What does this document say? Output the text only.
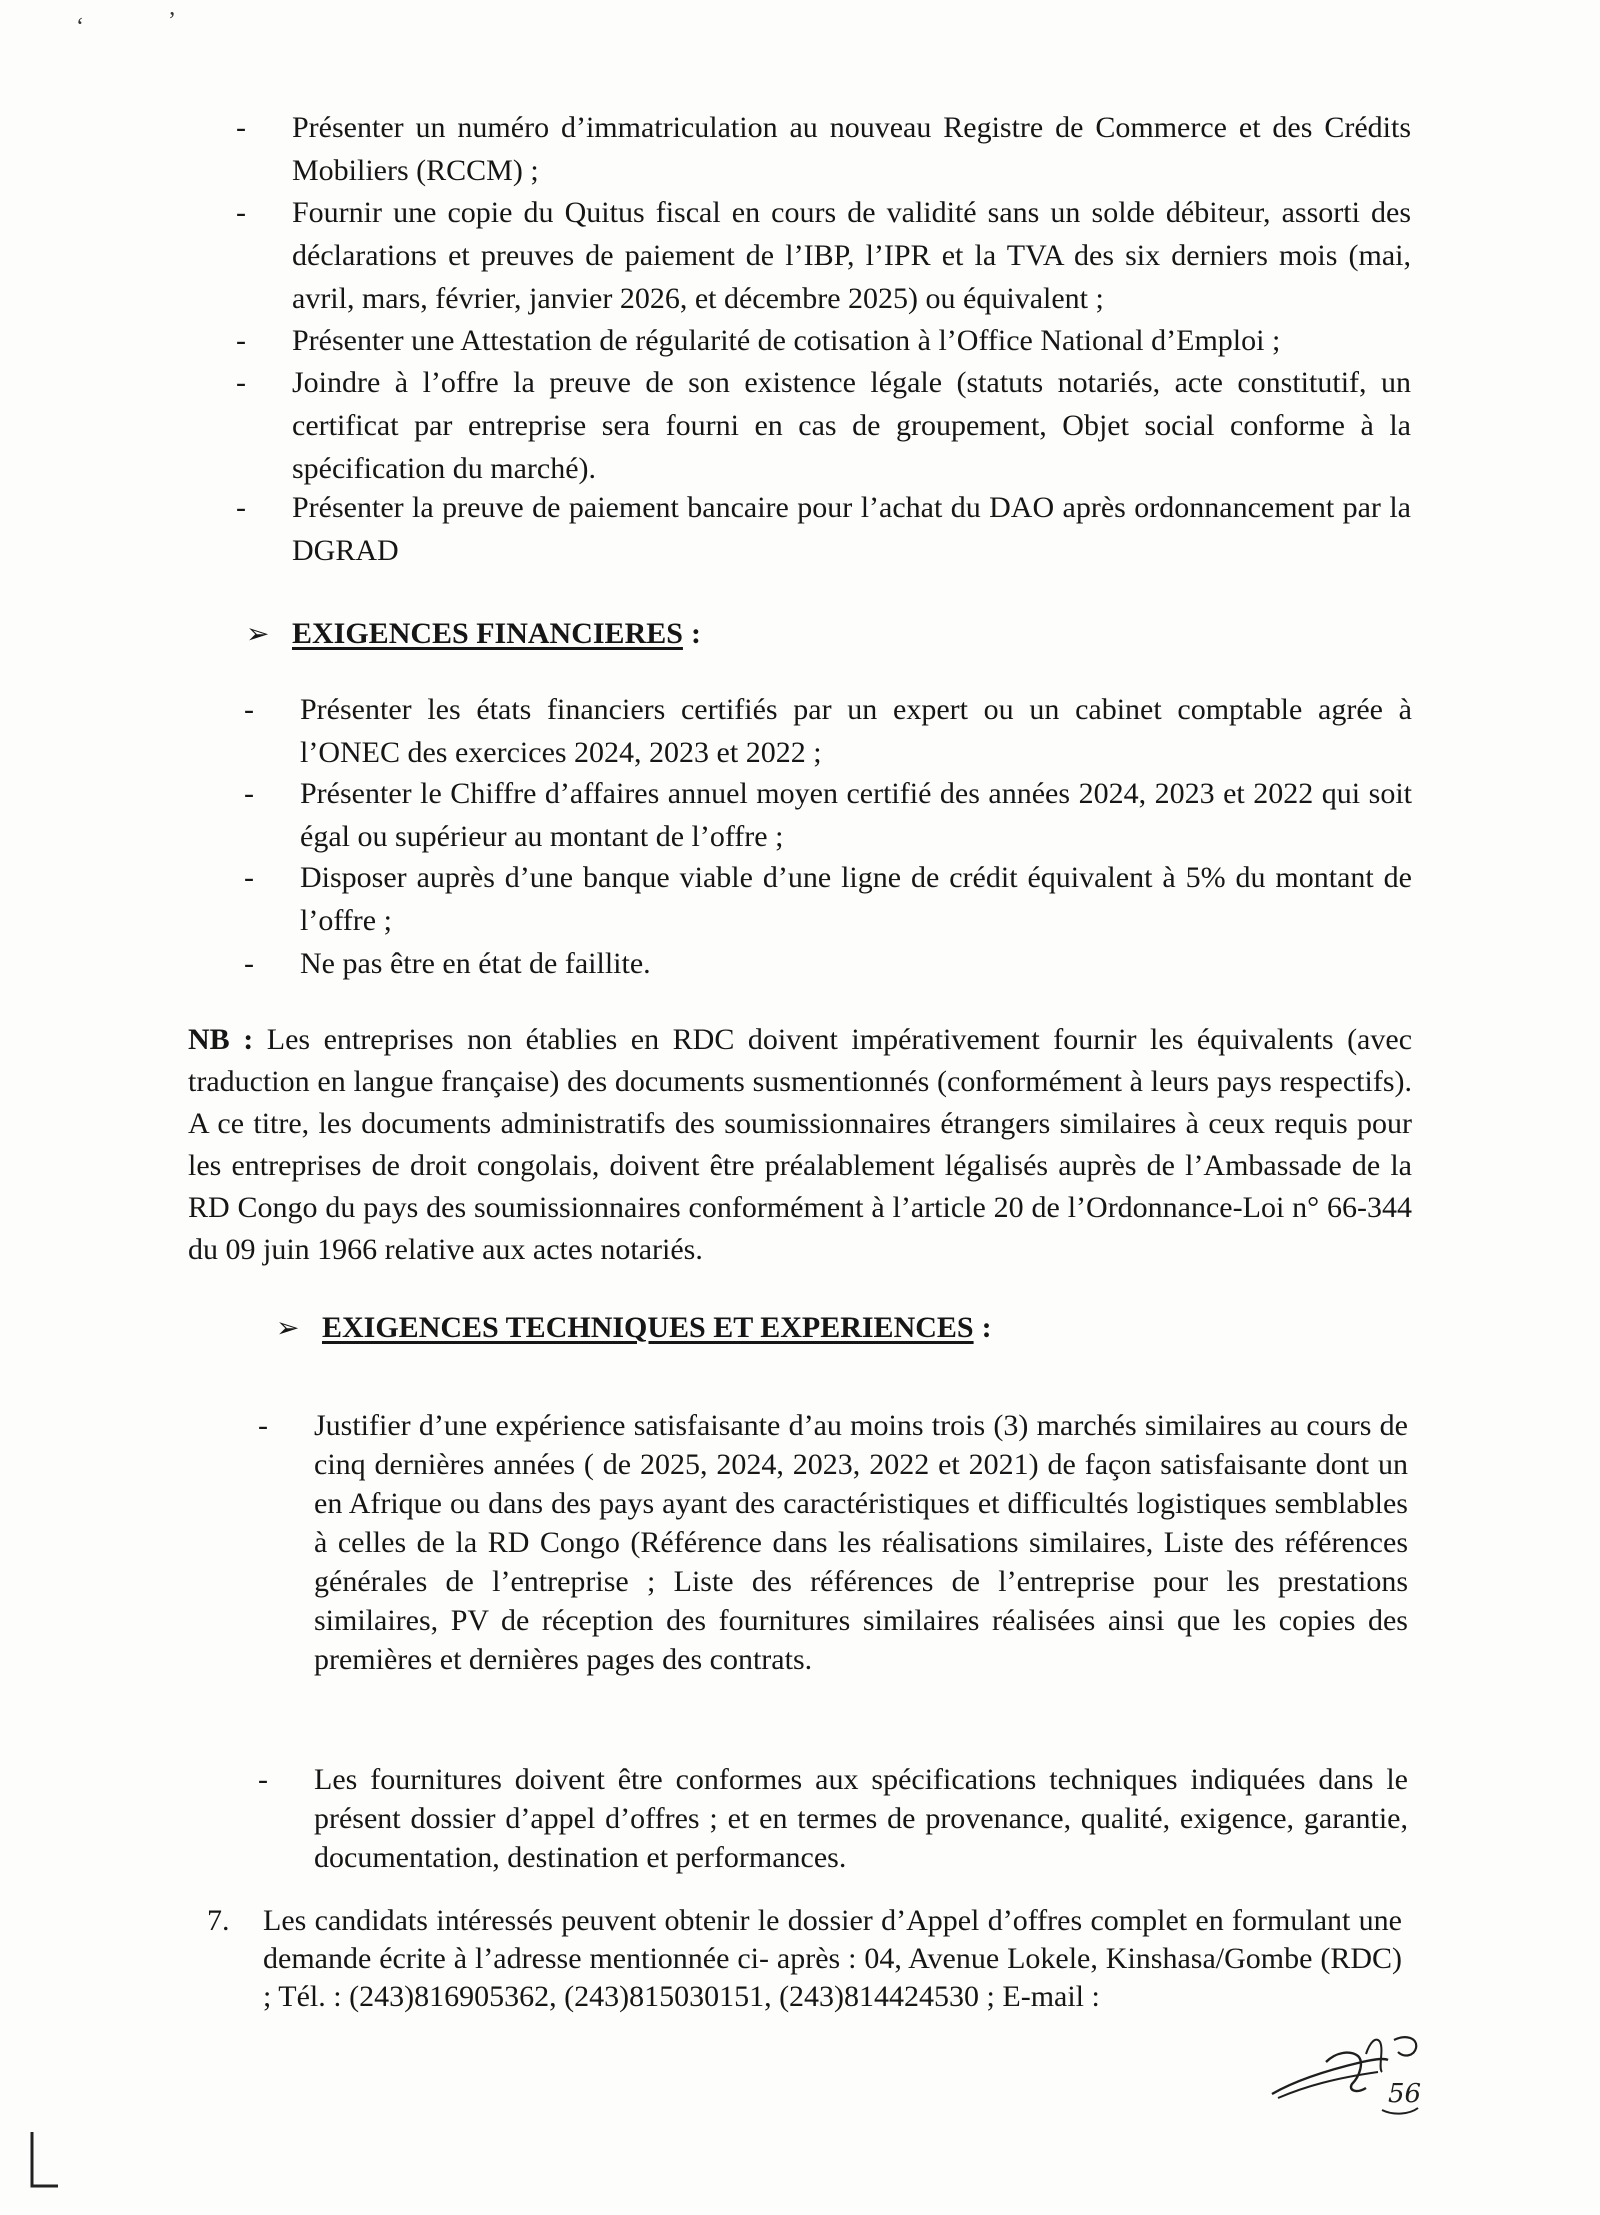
‘	’
-	Présenter un numéro d’immatriculation au nouveau Registre de Commerce et des Crédits Mobiliers (RCCM) ;
-	Fournir une copie du Quitus fiscal en cours de validité sans un solde débiteur, assorti des déclarations et preuves de paiement de l’IBP, l’IPR et la TVA des six derniers mois (mai, avril, mars, février, janvier 2026, et décembre 2025) ou équivalent ;
-	Présenter une Attestation de régularité de cotisation à l’Office National d’Emploi ;
-	Joindre à l’offre la preuve de son existence légale (statuts notariés, acte constitutif, un certificat par entreprise sera fourni en cas de groupement, Objet social conforme à la spécification du marché).
-	Présenter la preuve de paiement bancaire pour l’achat du DAO après ordonnancement par la DGRAD
➢ EXIGENCES FINANCIERES :
-	Présenter les états financiers certifiés par un expert ou un cabinet comptable agrée à l’ONEC des exercices 2024, 2023 et 2022 ;
-	Présenter le Chiffre d’affaires annuel moyen certifié des années 2024, 2023 et 2022 qui soit égal ou supérieur au montant de l’offre ;
-	Disposer auprès d’une banque viable d’une ligne de crédit équivalent à 5% du montant de l’offre ;
-	Ne pas être en état de faillite.
NB : Les entreprises non établies en RDC doivent impérativement fournir les équivalents (avec traduction en langue française) des documents susmentionnés (conformément à leurs pays respectifs). A ce titre, les documents administratifs des soumissionnaires étrangers similaires à ceux requis pour les entreprises de droit congolais, doivent être préalablement légalisés auprès de l’Ambassade de la RD Congo du pays des soumissionnaires conformément à l’article 20 de l’Ordonnance-Loi n° 66-344 du 09 juin 1966 relative aux actes notariés.
➢ EXIGENCES TECHNIQUES ET EXPERIENCES :
-	Justifier d’une expérience satisfaisante d’au moins trois (3) marchés similaires au cours de cinq dernières années ( de 2025, 2024, 2023, 2022 et 2021) de façon satisfaisante dont un en Afrique ou dans des pays ayant des caractéristiques et difficultés logistiques semblables à celles de la RD Congo (Référence dans les réalisations similaires, Liste des références générales de l’entreprise ; Liste des références de l’entreprise pour les prestations similaires, PV de réception des fournitures similaires réalisées ainsi que les copies des premières et dernières pages des contrats.
-	Les fournitures doivent être conformes aux spécifications techniques indiquées dans le présent dossier d’appel d’offres ; et en termes de provenance, qualité, exigence, garantie, documentation, destination et performances.
7.	Les candidats intéressés peuvent obtenir le dossier d’Appel d’offres complet en formulant une demande écrite à l’adresse mentionnée ci- après : 04, Avenue Lokele, Kinshasa/Gombe (RDC) ; Tél. : (243)816905362, (243)815030151, (243)814424530 ; E-mail :
56
